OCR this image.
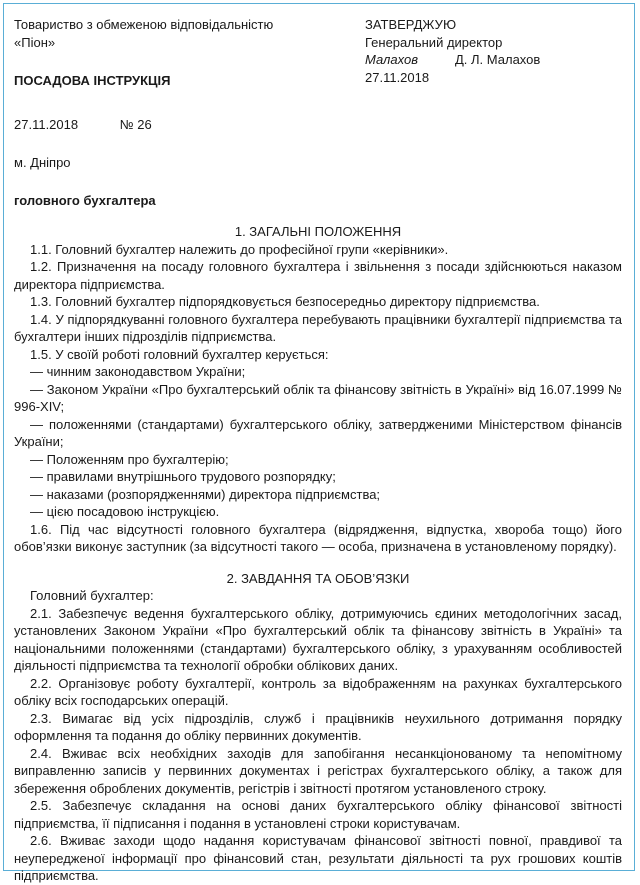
Товариство з обмеженою відповідальністю
«Піон»
ЗАТВЕРДЖУЮ
Генеральний директор
Малахов	Д. Л. Малахов
27.11.2018
ПОСАДОВА ІНСТРУКЦІЯ
27.11.2018	№ 26
м. Дніпро
головного бухгалтера
1. ЗАГАЛЬНІ ПОЛОЖЕННЯ
1.1. Головний бухгалтер належить до професійної групи «керівники».
1.2. Призначення на посаду головного бухгалтера і звільнення з посади здійснюються наказом директора підприємства.
1.3. Головний бухгалтер підпорядковується безпосередньо директору підприємства.
1.4. У підпорядкуванні головного бухгалтера перебувають працівники бухгалтерії підприємства та бухгалтери інших підрозділів підприємства.
1.5. У своїй роботі головний бухгалтер керується:
— чинним законодавством України;
— Законом України «Про бухгалтерський облік та фінансову звітність в Україні» від 16.07.1999 № 996-XIV;
— положеннями (стандартами) бухгалтерського обліку, затвердженими Міністерством фінансів України;
— Положенням про бухгалтерію;
— правилами внутрішнього трудового розпорядку;
— наказами (розпорядженнями) директора підприємства;
— цією посадовою інструкцією.
1.6. Під час відсутності головного бухгалтера (відрядження, відпустка, хвороба тощо) його обов’язки виконує заступник (за відсутності такого — особа, призначена в установленому порядку).
2. ЗАВДАННЯ ТА ОБОВ’ЯЗКИ
Головний бухгалтер:
2.1. Забезпечує ведення бухгалтерського обліку, дотримуючись єдиних методологічних засад, установлених Законом України «Про бухгалтерський облік та фінансову звітність в Україні» та національними положеннями (стандартами) бухгалтерського обліку, з урахуванням особливостей діяльності підприємства та технології обробки облікових даних.
2.2. Організовує роботу бухгалтерії, контроль за відображенням на рахунках бухгалтерського обліку всіх господарських операцій.
2.3. Вимагає від усіх підрозділів, служб і працівників неухильного дотримання порядку оформлення та подання до обліку первинних документів.
2.4. Вживає всіх необхідних заходів для запобігання несанкціонованому та непомітному виправленню записів у первинних документах і регістрах бухгалтерського обліку, а також для збереження оброблених документів, регістрів і звітності протягом установленого строку.
2.5. Забезпечує складання на основі даних бухгалтерського обліку фінансової звітності підприємства, її підписання і подання в установлені строки користувачам.
2.6. Вживає заходи щодо надання користувачам фінансової звітності повної, правдивої та неупередженої інформації про фінансовий стан, результати діяльності та рух грошових коштів підприємства.
